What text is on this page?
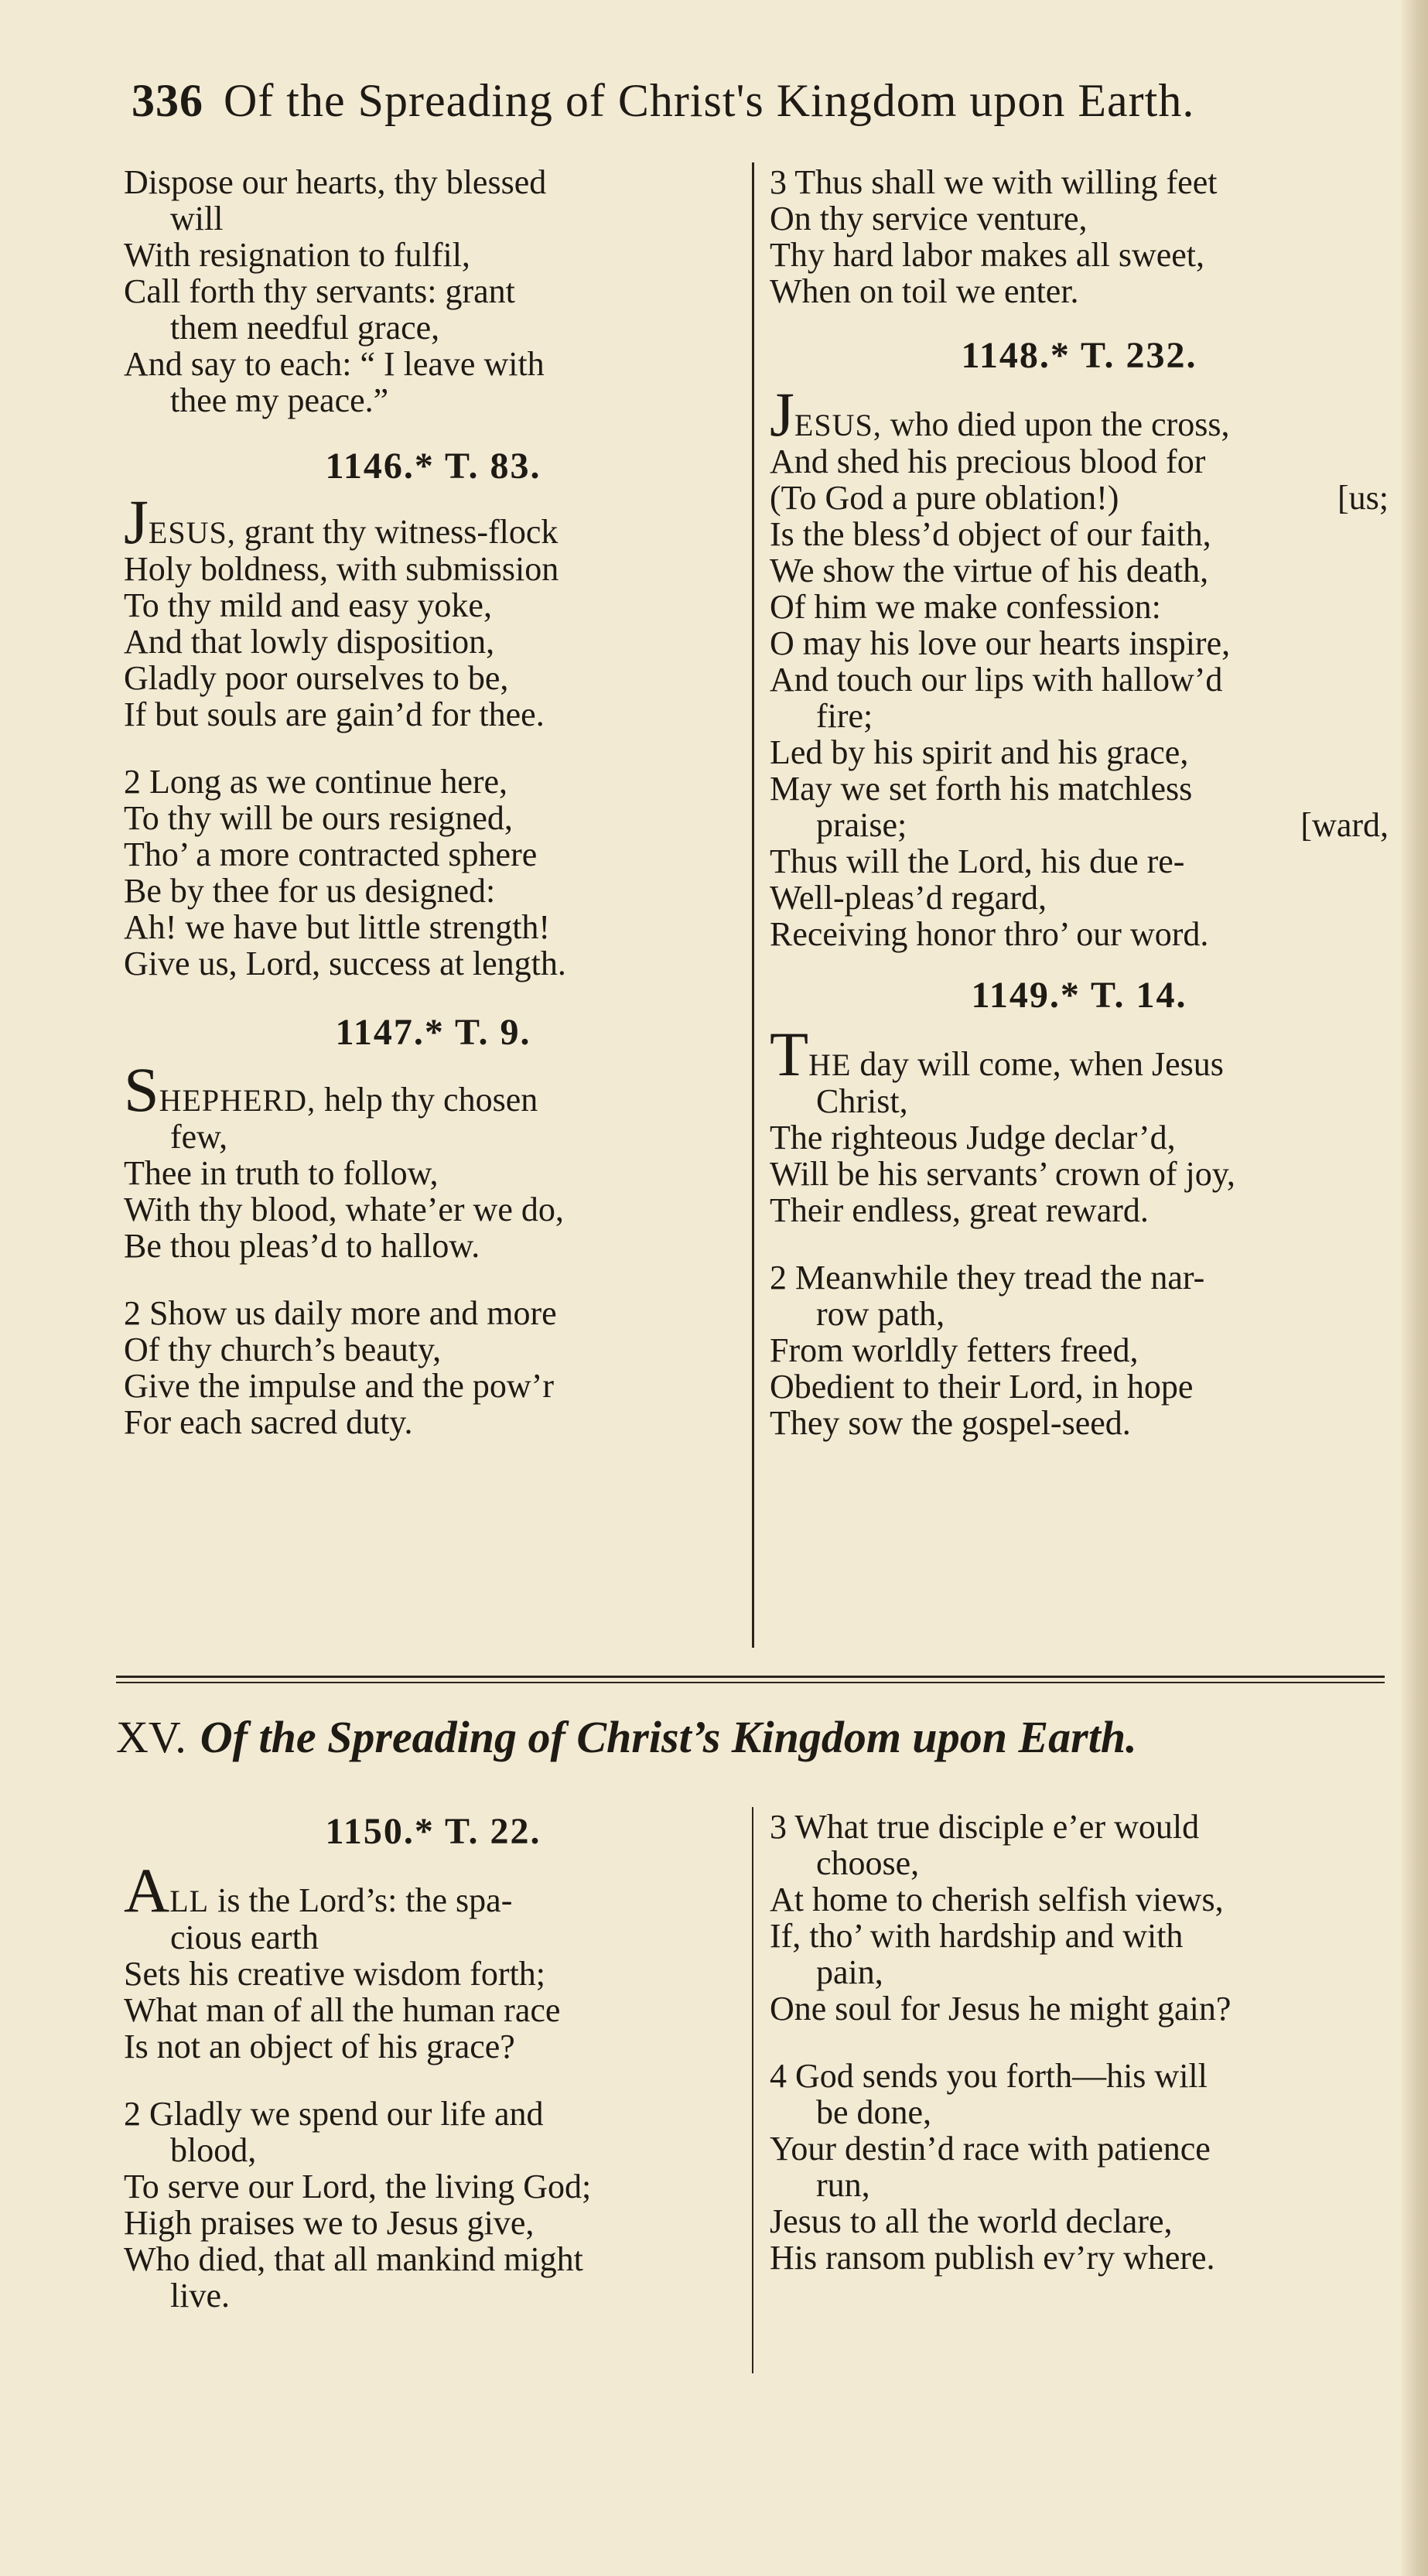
336 Of the Spreading of Christ's Kingdom upon Earth.
Dispose our hearts, thy blessed
will
With resignation to fulfil,
Call forth thy servants: grant
them needful grace,
And say to each: “ I leave with
thee my peace.”
1146.* T. 83.
JESUS, grant thy witness-flock
Holy boldness, with submission
To thy mild and easy yoke,
And that lowly disposition,
Gladly poor ourselves to be,
If but souls are gain’d for thee.
2 Long as we continue here,
To thy will be ours resigned,
Tho’ a more contracted sphere
Be by thee for us designed:
Ah! we have but little strength!
Give us, Lord, success at length.
1147.* T. 9.
SHEPHERD, help thy chosen
few,
Thee in truth to follow,
With thy blood, whate’er we do,
Be thou pleas’d to hallow.
2 Show us daily more and more
Of thy church’s beauty,
Give the impulse and the pow’r
For each sacred duty.
3 Thus shall we with willing feet
On thy service venture,
Thy hard labor makes all sweet,
When on toil we enter.
1148.* T. 232.
JESUS, who died upon the cross,
And shed his precious blood for
(To God a pure oblation!)	[us;
Is the bless’d object of our faith,
We show the virtue of his death,
Of him we make confession:
O may his love our hearts inspire,
And touch our lips with hallow’d
fire;
Led by his spirit and his grace,
May we set forth his matchless
praise;	[ward,
Thus will the Lord, his due re-
Well-pleas’d regard,
Receiving honor thro’ our word.
1149.* T. 14.
THE day will come, when Jesus
Christ,
The righteous Judge declar’d,
Will be his servants’ crown of joy,
Their endless, great reward.
2 Meanwhile they tread the nar-
row path,
From worldly fetters freed,
Obedient to their Lord, in hope
They sow the gospel-seed.
XV. Of the Spreading of Christ’s Kingdom upon Earth.
1150.* T. 22.
ALL is the Lord’s: the spa-
cious earth
Sets his creative wisdom forth;
What man of all the human race
Is not an object of his grace?
2 Gladly we spend our life and
blood,
To serve our Lord, the living God;
High praises we to Jesus give,
Who died, that all mankind might
live.
3 What true disciple e’er would
choose,
At home to cherish selfish views,
If, tho’ with hardship and with
pain,
One soul for Jesus he might gain?
4 God sends you forth—his will
be done,
Your destin’d race with patience
run,
Jesus to all the world declare,
His ransom publish ev’ry where.
